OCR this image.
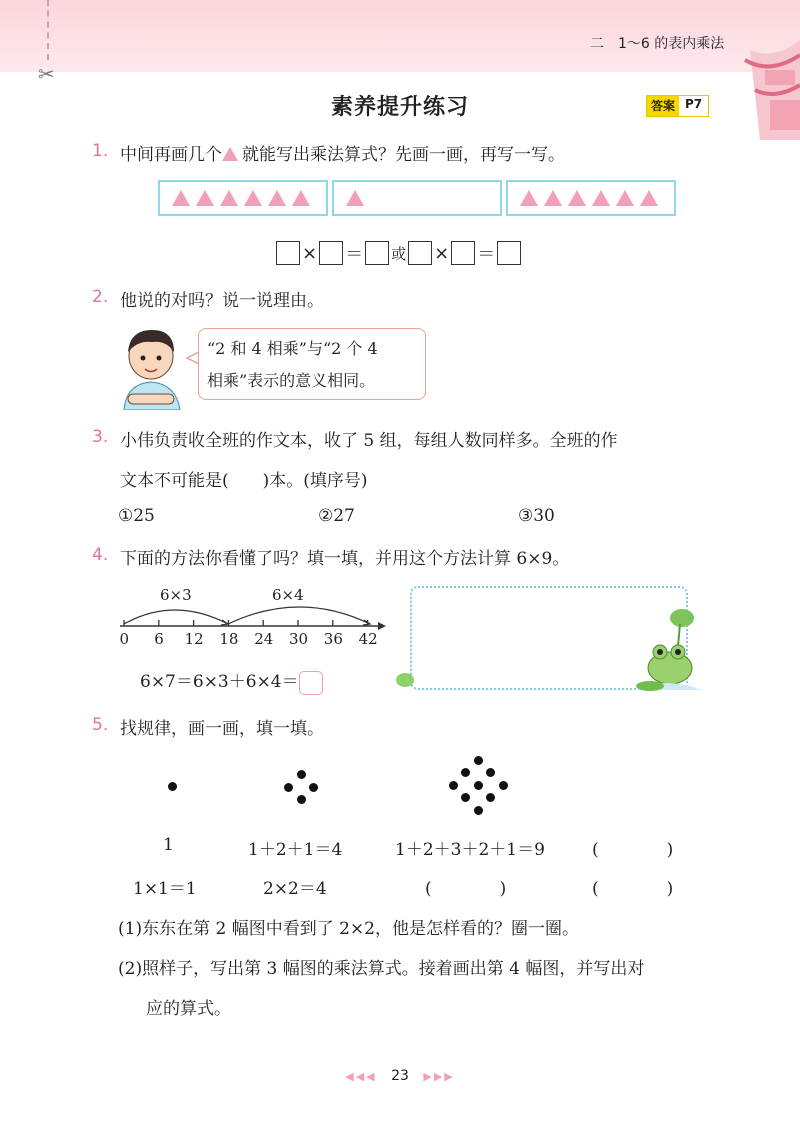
✂
二　1～6 的表内乘法
素养提升练习	答案 P7
1. 中间再画几个 就能写出乘法算式？先画一画，再写一写。
× ＝ 或 × ＝
2. 他说的对吗？说一说理由。
“2 和 4 相乘”与“2 个 4
相乘”表示的意义相同。
3. 小伟负责收全班的作文本，收了 5 组，每组人数同样多。全班的作
文本不可能是(　　)本。(填序号)
①25	②27	③30
4. 下面的方法你看懂了吗？填一填，并用这个方法计算 6×9。
6×3	6×4
0 6 12 18 24 30 36 42
6×7＝6×3＋6×4＝
5. 找规律，画一画，填一填。
1	1＋2＋1＝4	1＋2＋3＋2＋1＝9	(　　　　)
1×1＝1	2×2＝4	(　　　　)	(　　　　)
(1)东东在第 2 幅图中看到了 2×2，他是怎样看的？圈一圈。
(2)照样子，写出第 3 幅图的乘法算式。接着画出第 4 幅图，并写出对
应的算式。
◀◀◀ 23 ▶▶▶
